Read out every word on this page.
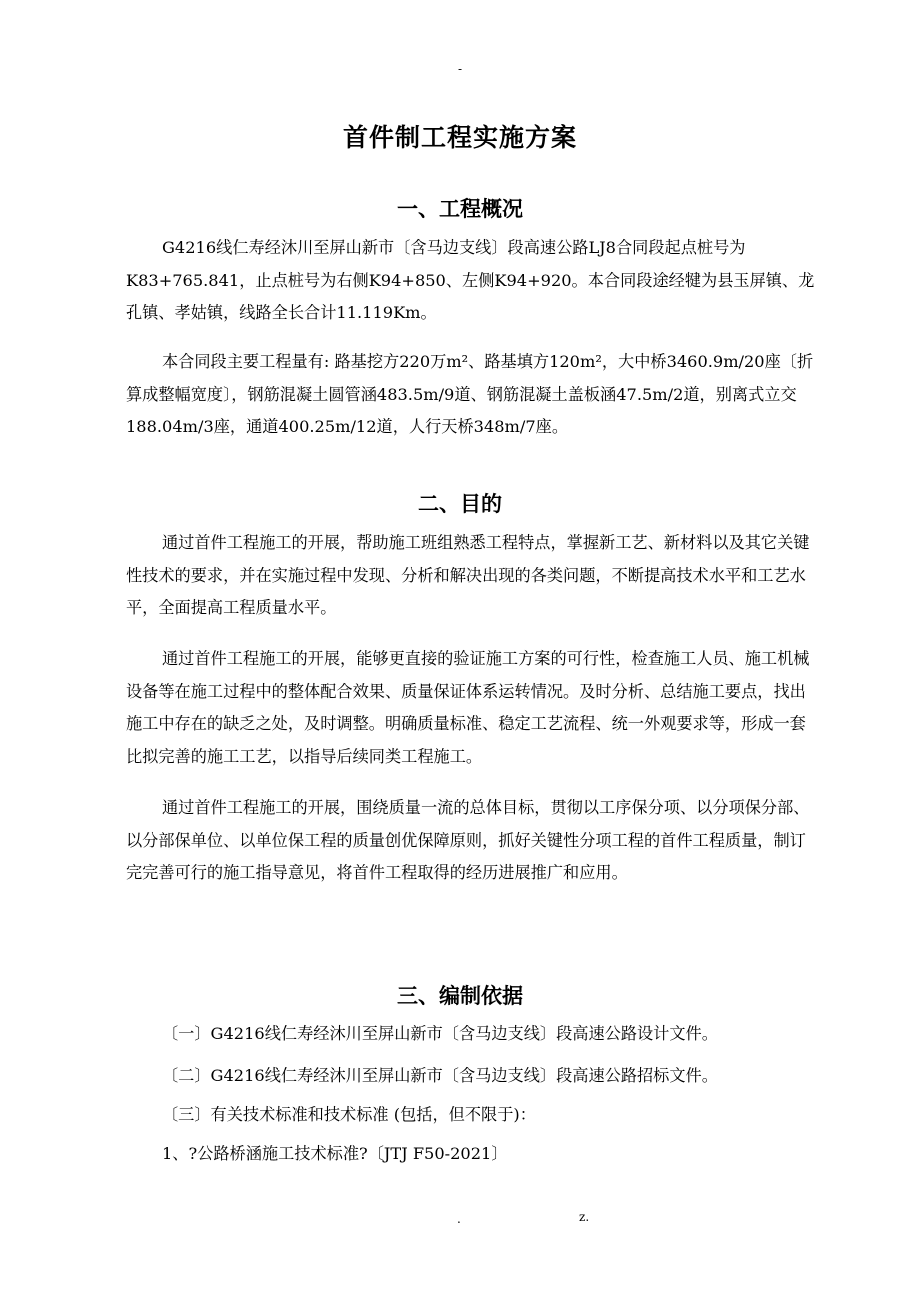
-
首件制工程实施方案
一、工程概况

G4216线仁寿经沐川至屏山新市〔含马边支线〕段高速公路LJ8合同段起点桩号为K83+765.841，止点桩号为右侧K94+850、左侧K94+920。本合同段途经犍为县玉屏镇、龙孔镇、孝姑镇，线路全长合计11.119Km。

本合同段主要工程量有: 路基挖方220万m²、路基填方120m²，大中桥3460.9m/20座〔折算成整幅宽度〕，钢筋混凝土圆管涵483.5m/9道、钢筋混凝土盖板涵47.5m/2道，别离式立交188.04m/3座，通道400.25m/12道，人行天桥348m/7座。

二、目的

通过首件工程施工的开展，帮助施工班组熟悉工程特点，掌握新工艺、新材料以及其它关键性技术的要求，并在实施过程中发现、分析和解决出现的各类问题，不断提高技术水平和工艺水平，全面提高工程质量水平。

通过首件工程施工的开展，能够更直接的验证施工方案的可行性，检查施工人员、施工机械设备等在施工过程中的整体配合效果、质量保证体系运转情况。及时分析、总结施工要点，找出施工中存在的缺乏之处，及时调整。明确质量标准、稳定工艺流程、统一外观要求等，形成一套比拟完善的施工工艺，以指导后续同类工程施工。

通过首件工程施工的开展，围绕质量一流的总体目标，贯彻以工序保分项、以分项保分部、以分部保单位、以单位保工程的质量创优保障原则，抓好关键性分项工程的首件工程质量，制订完完善可行的施工指导意见，将首件工程取得的经历进展推广和应用。

三、编制依据
〔一〕G4216线仁寿经沐川至屏山新市〔含马边支线〕段高速公路设计文件。
〔二〕G4216线仁寿经沐川至屏山新市〔含马边支线〕段高速公路招标文件。
〔三〕有关技术标准和技术标准 (包括，但不限于)：
1、?公路桥涵施工技术标准?〔JTJ F50-2021〕
.	z.
